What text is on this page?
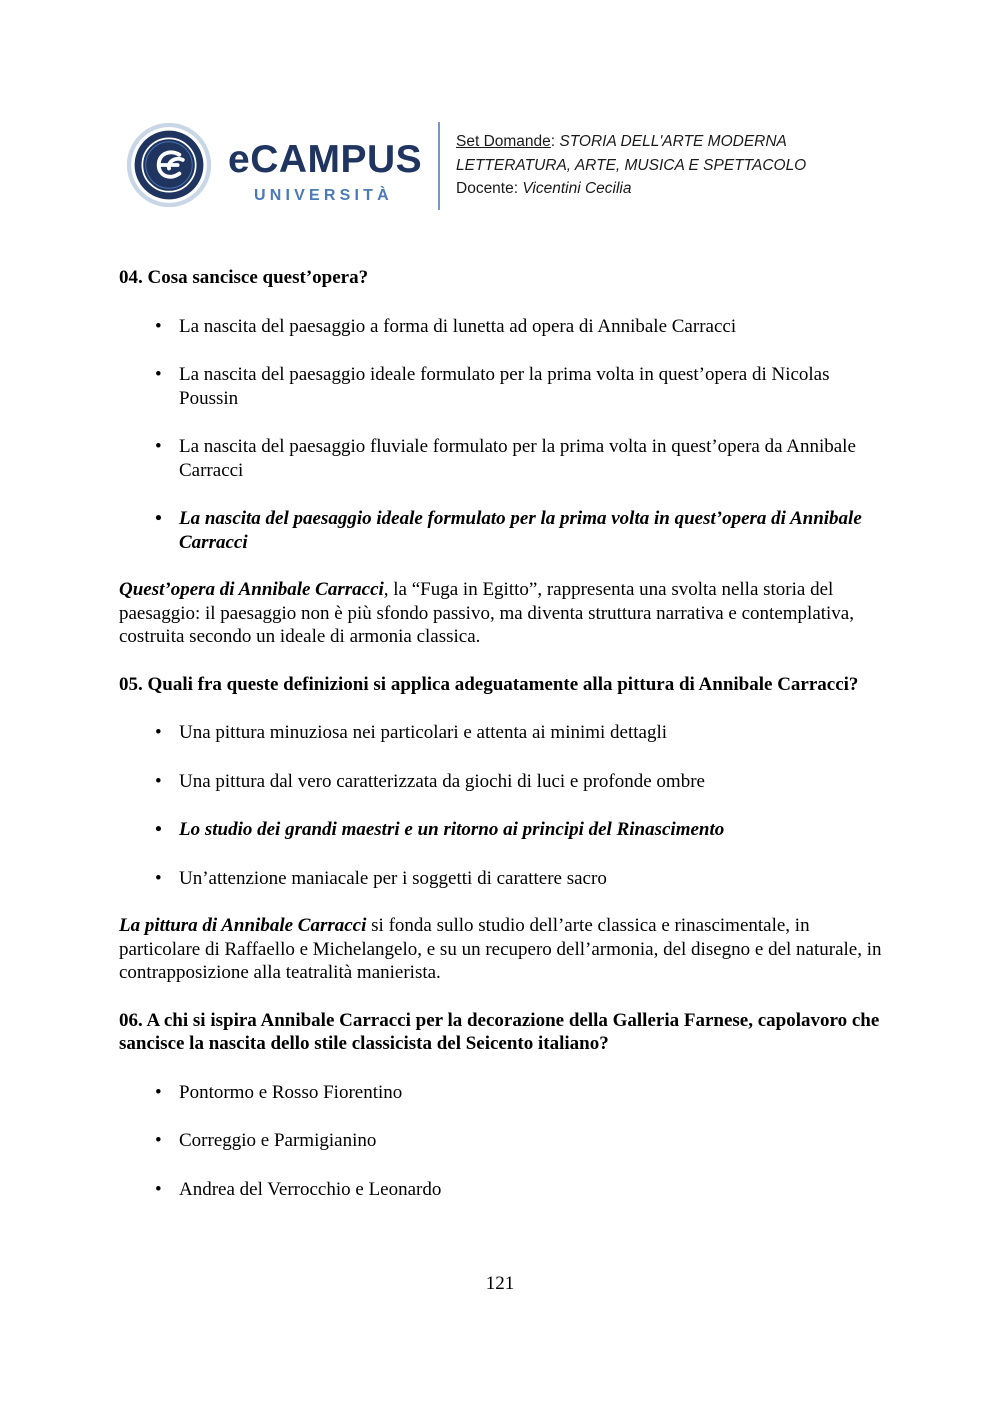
eCAMPUS
UNIVERSITÀ
Set Domande: STORIA DELL'ARTE MODERNA
LETTERATURA, ARTE, MUSICA E SPETTACOLO
Docente: Vicentini Cecilia

04. Cosa sancisce quest’opera?

• La nascita del paesaggio a forma di lunetta ad opera di Annibale Carracci
• La nascita del paesaggio ideale formulato per la prima volta in quest’opera di Nicolas Poussin
• La nascita del paesaggio fluviale formulato per la prima volta in quest’opera da Annibale Carracci
• La nascita del paesaggio ideale formulato per la prima volta in quest’opera di Annibale Carracci

Quest’opera di Annibale Carracci, la “Fuga in Egitto”, rappresenta una svolta nella storia del paesaggio: il paesaggio non è più sfondo passivo, ma diventa struttura narrativa e contemplativa, costruita secondo un ideale di armonia classica.

05. Quali fra queste definizioni si applica adeguatamente alla pittura di Annibale Carracci?

• Una pittura minuziosa nei particolari e attenta ai minimi dettagli
• Una pittura dal vero caratterizzata da giochi di luci e profonde ombre
• Lo studio dei grandi maestri e un ritorno ai principi del Rinascimento
• Un’attenzione maniacale per i soggetti di carattere sacro

La pittura di Annibale Carracci si fonda sullo studio dell’arte classica e rinascimentale, in particolare di Raffaello e Michelangelo, e su un recupero dell’armonia, del disegno e del naturale, in contrapposizione alla teatralità manierista.

06. A chi si ispira Annibale Carracci per la decorazione della Galleria Farnese, capolavoro che sancisce la nascita dello stile classicista del Seicento italiano?

• Pontormo e Rosso Fiorentino
• Correggio e Parmigianino
• Andrea del Verrocchio e Leonardo
121
